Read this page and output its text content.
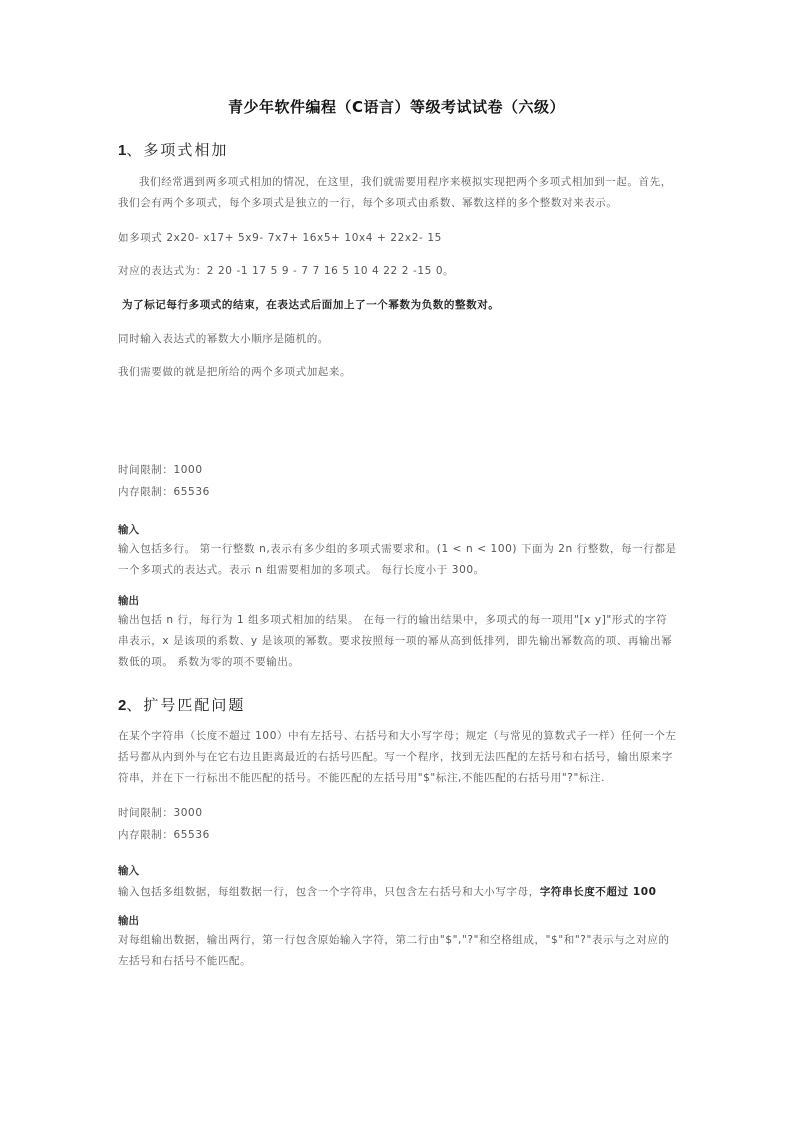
青少年软件编程（C语言）等级考试试卷（六级）
1、多项式相加
我们经常遇到两多项式相加的情况，在这里，我们就需要用程序来模拟实现把两个多项式相加到一起。首先，我们会有两个多项式，每个多项式是独立的一行，每个多项式由系数、幂数这样的多个整数对来表示。
如多项式 2x20- x17+ 5x9- 7x7+ 16x5+ 10x4 + 22x2- 15
对应的表达式为：2 20 -1 17 5 9 - 7 7 16 5 10 4 22 2 -15 0。
为了标记每行多项式的结束，在表达式后面加上了一个幂数为负数的整数对。
同时输入表达式的幂数大小顺序是随机的。
我们需要做的就是把所给的两个多项式加起来。
时间限制：1000
内存限制：65536
输入
输入包括多行。 第一行整数 n,表示有多少组的多项式需要求和。(1 < n < 100) 下面为 2n 行整数，每一行都是一个多项式的表达式。表示 n 组需要相加的多项式。 每行长度小于 300。
输出
输出包括 n 行，每行为 1 组多项式相加的结果。 在每一行的输出结果中，多项式的每一项用"[x y]"形式的字符串表示，x 是该项的系数、y 是该项的幂数。要求按照每一项的幂从高到低排列，即先输出幂数高的项、再输出幂数低的项。 系数为零的项不要输出。
2、扩号匹配问题
在某个字符串（长度不超过 100）中有左括号、右括号和大小写字母；规定（与常见的算数式子一样）任何一个左括号都从内到外与在它右边且距离最近的右括号匹配。写一个程序，找到无法匹配的左括号和右括号，输出原来字符串，并在下一行标出不能匹配的括号。不能匹配的左括号用"$"标注,不能匹配的右括号用"?"标注.
时间限制：3000
内存限制：65536
输入
输入包括多组数据，每组数据一行，包含一个字符串，只包含左右括号和大小写字母，字符串长度不超过 100
输出
对每组输出数据，输出两行，第一行包含原始输入字符，第二行由"$","?"和空格组成，"$"和"?"表示与之对应的左括号和右括号不能匹配。
